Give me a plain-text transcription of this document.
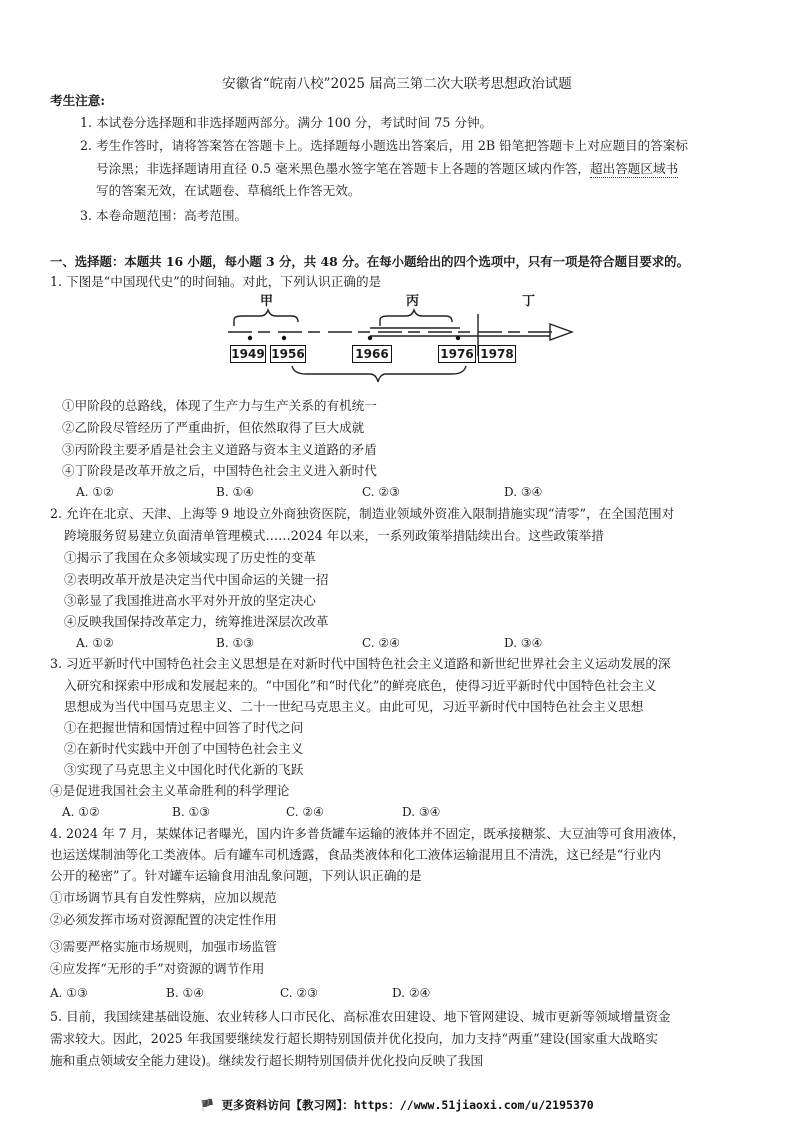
安徽省“皖南八校”2025 届高三第二次大联考思想政治试题
考生注意:
1. 本试卷分选择题和非选择题两部分。满分 100 分，考试时间 75 分钟。
2. 考生作答时，请将答案答在答题卡上。选择题每小题选出答案后，用 2B 铅笔把答题卡上对应题目的答案标
号涂黑；非选择题请用直径 0.5 毫米黑色墨水签字笔在答题卡上各题的答题区域内作答，超出答题区域书
写的答案无效，在试题卷、草稿纸上作答无效。
3. 本卷命题范围：高考范围。
一、选择题：本题共 16 小题，每小题 3 分，共 48 分。在每小题给出的四个选项中，只有一项是符合题目要求的。
1. 下图是“中国现代史”的时间轴。对此，下列认识正确的是
甲	丙	丁
1949 1956	1966	1976 1978
①甲阶段的总路线，体现了生产力与生产关系的有机统一
②乙阶段尽管经历了严重曲折，但依然取得了巨大成就
③丙阶段主要矛盾是社会主义道路与资本主义道路的矛盾
④丁阶段是改革开放之后，中国特色社会主义进入新时代
A. ①②	B. ①④	C. ②③	D. ③④
2. 允许在北京、天津、上海等 9 地设立外商独资医院，制造业领域外资准入限制措施实现“清零”，在全国范围对
跨境服务贸易建立负面清单管理模式……2024 年以来，一系列政策举措陆续出台。这些政策举措
①揭示了我国在众多领域实现了历史性的变革
②表明改革开放是决定当代中国命运的关键一招
③彰显了我国推进高水平对外开放的坚定决心
④反映我国保持改革定力，统筹推进深层次改革
A. ①②	B. ①③	C. ②④	D. ③④
3. 习近平新时代中国特色社会主义思想是在对新时代中国特色社会主义道路和新世纪世界社会主义运动发展的深
入研究和探索中形成和发展起来的。“中国化”和“时代化”的鲜亮底色，使得习近平新时代中国特色社会主义
思想成为当代中国马克思主义、二十一世纪马克思主义。由此可见，习近平新时代中国特色社会主义思想
①在把握世情和国情过程中回答了时代之问
②在新时代实践中开创了中国特色社会主义
③实现了马克思主义中国化时代化新的飞跃
④是促进我国社会主义革命胜利的科学理论
A. ①②	B. ①③	C. ②④	D. ③④
4. 2024 年 7 月，某媒体记者曝光，国内许多普货罐车运输的液体并不固定，既承接糖浆、大豆油等可食用液体，
也运送煤制油等化工类液体。后有罐车司机透露，食品类液体和化工液体运输混用且不清洗，这已经是“行业内
公开的秘密”了。针对罐车运输食用油乱象问题，下列认识正确的是
①市场调节具有自发性弊病，应加以规范
②必须发挥市场对资源配置的决定性作用
③需要严格实施市场规则，加强市场监管
④应发挥“无形的手”对资源的调节作用
A. ①③	B. ①④	C. ②③	D. ②④
5. 目前，我国续建基础设施、农业转移人口市民化、高标准农田建设、地下管网建设、城市更新等领域增量资金
需求较大。因此，2025 年我国要继续发行超长期特别国债并优化投向，加力支持“两重”建设(国家重大战略实
施和重点领域安全能力建设)。继续发行超长期特别国债并优化投向反映了我国
🏴 更多资料访问【教习网】：https：//www.51jiaoxi.com/u/2195370
